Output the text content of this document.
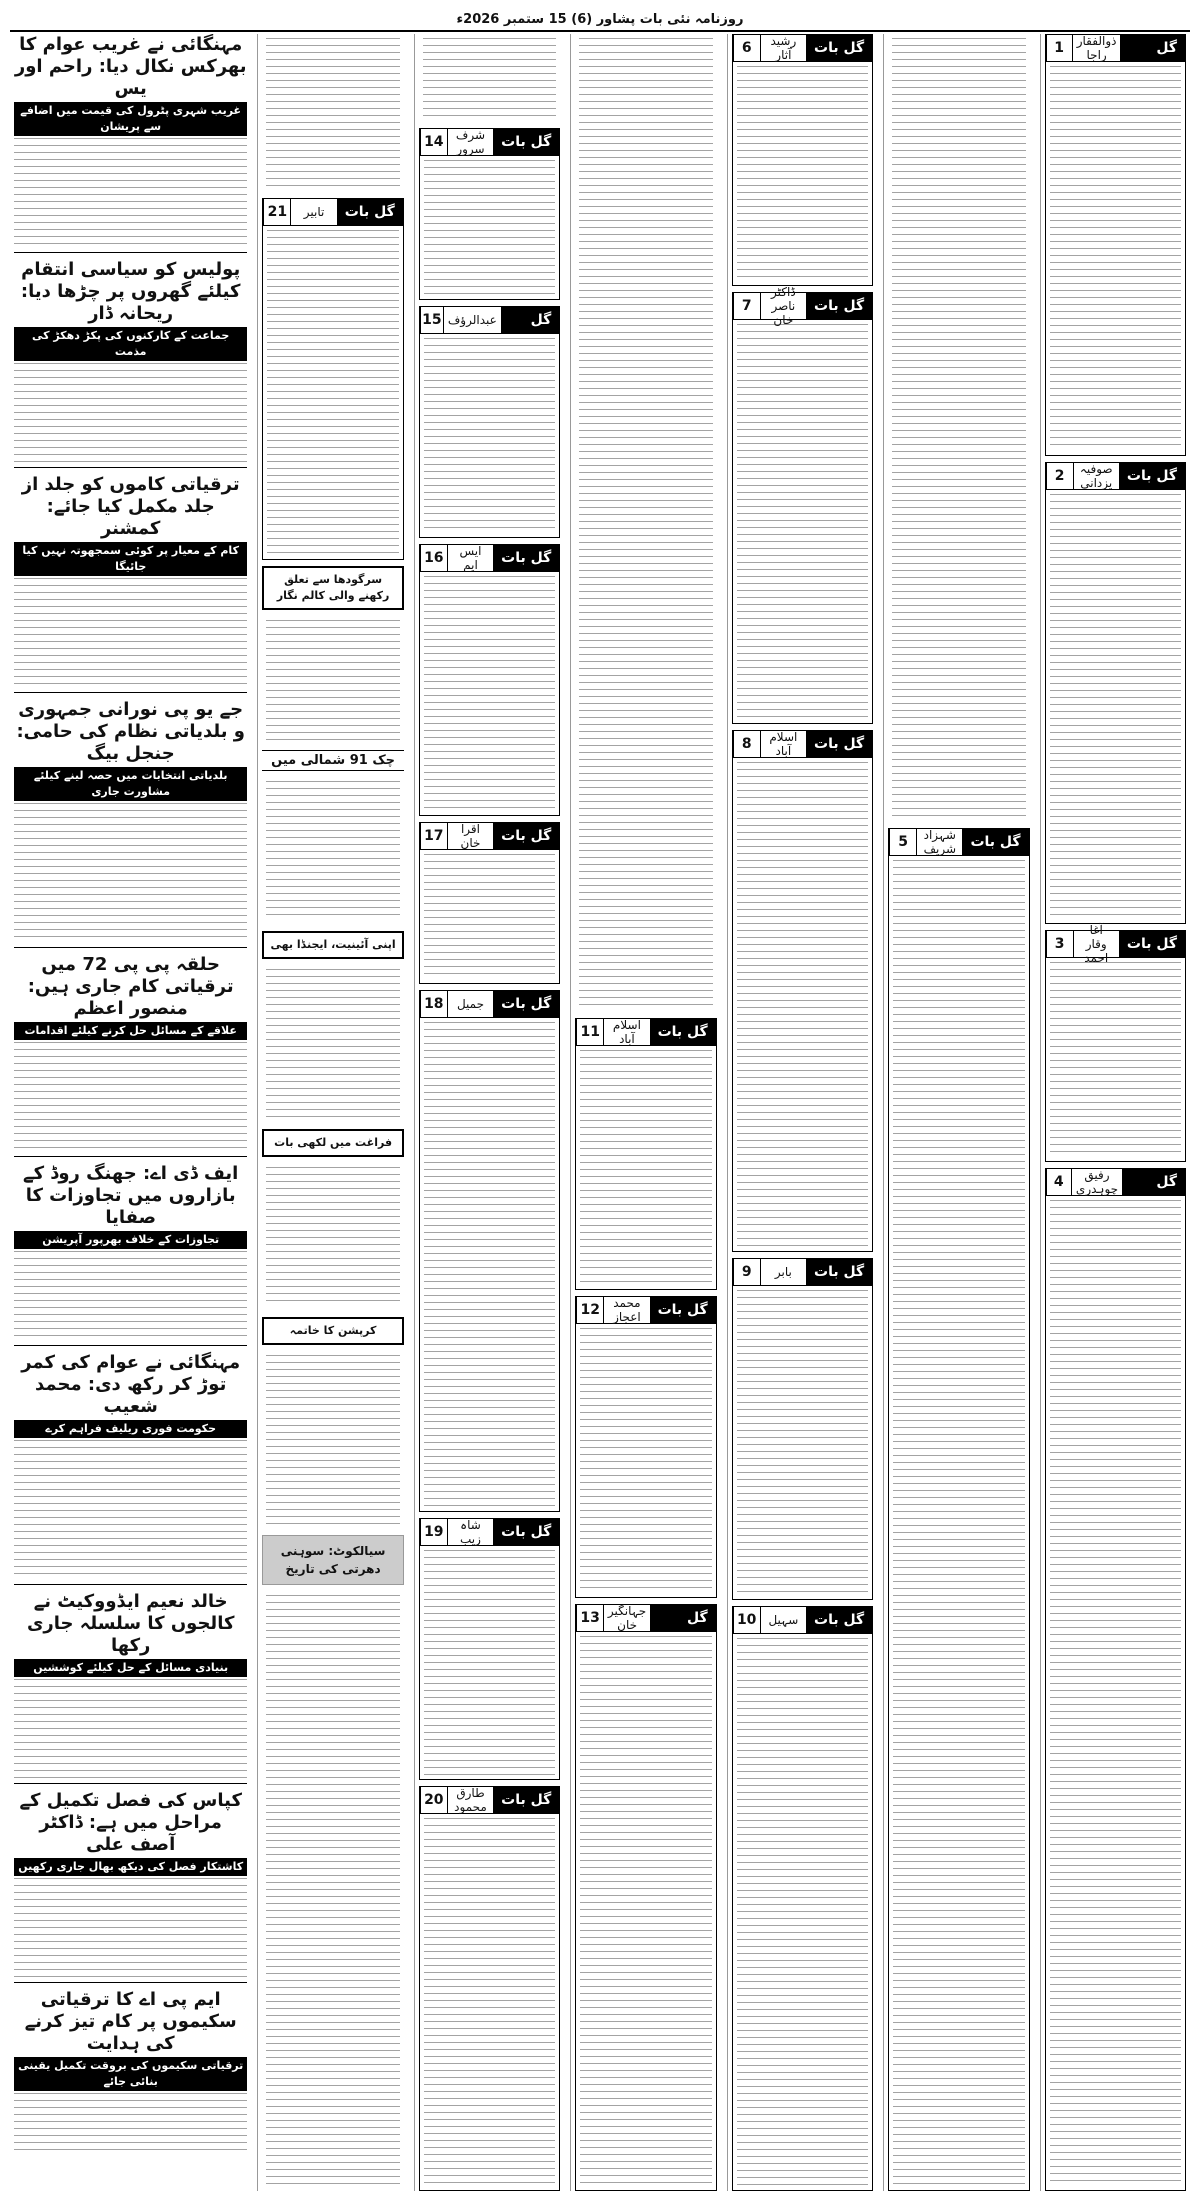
روزنامہ نئی بات پشاور (6) 15 ستمبر 2026ء
گل بات
ذوالفقار راجا
1
گل بات
صوفیہ یزدانی
2
گل بات
آغا وقار احمد
3
گل بات
رفیق چوہدری
4
گل بات
شہزاد شریف
5
گل بات
رشید آثار
6
گل بات
ڈاکٹر ناصر خان
7
گل بات
اسلام آباد
8
گل بات
بابر
9
گل بات
سہیل
10
گل بات
اسلام آباد
11
گل بات
محمد اعجاز
12
گل بات
جہانگیر خان
13
گل بات
شرف سرور
14
گل بات
عبدالرؤف
15
گل بات
ایس ایم
16
گل بات
اقرا خان
17
گل بات
جمیل
18
گل بات
شاہ زیب
19
گل بات
طارق محمود
20
گل بات
تابیر
21
سرگودھا سے تعلق رکھنے والی کالم نگار
چک 91 شمالی میں
اپنی آئینیت، ایجنڈا بھی
فراغت میں لکھی بات
کرپشن کا خاتمہ
سیالکوٹ: سوہنی دھرتی کی تاریخ
مہنگائی نے غریب عوام کا بھرکس نکال دیا: راحم اور یس
غریب شہری پٹرول کی قیمت میں اضافے سے پریشان
پولیس کو سیاسی انتقام کیلئے گھروں پر چڑھا دیا: ریحانہ ڈار
جماعت کے کارکنوں کی پکڑ دھکڑ کی مذمت
ترقیاتی کاموں کو جلد از جلد مکمل کیا جائے: کمشنر
کام کے معیار پر کوئی سمجھوتہ نہیں کیا جائیگا
جے یو پی نورانی جمہوری و بلدیاتی نظام کی حامی: جنجل بیگ
بلدیاتی انتخابات میں حصہ لینے کیلئے مشاورت جاری
حلقہ پی پی 72 میں ترقیاتی کام جاری ہیں: منصور اعظم
علاقے کے مسائل حل کرنے کیلئے اقدامات
ایف ڈی اے: جھنگ روڈ کے بازاروں میں تجاوزات کا صفایا
تجاوزات کے خلاف بھرپور آپریشن
مہنگائی نے عوام کی کمر توڑ کر رکھ دی: محمد شعیب
حکومت فوری ریلیف فراہم کرے
خالد نعیم ایڈووکیٹ نے کالجوں کا سلسلہ جاری رکھا
بنیادی مسائل کے حل کیلئے کوششیں
کپاس کی فصل تکمیل کے مراحل میں ہے: ڈاکٹر آصف علی
کاشتکار فصل کی دیکھ بھال جاری رکھیں
ایم پی اے کا ترقیاتی سکیموں پر کام تیز کرنے کی ہدایت
ترقیاتی سکیموں کی بروقت تکمیل یقینی بنائی جائے
